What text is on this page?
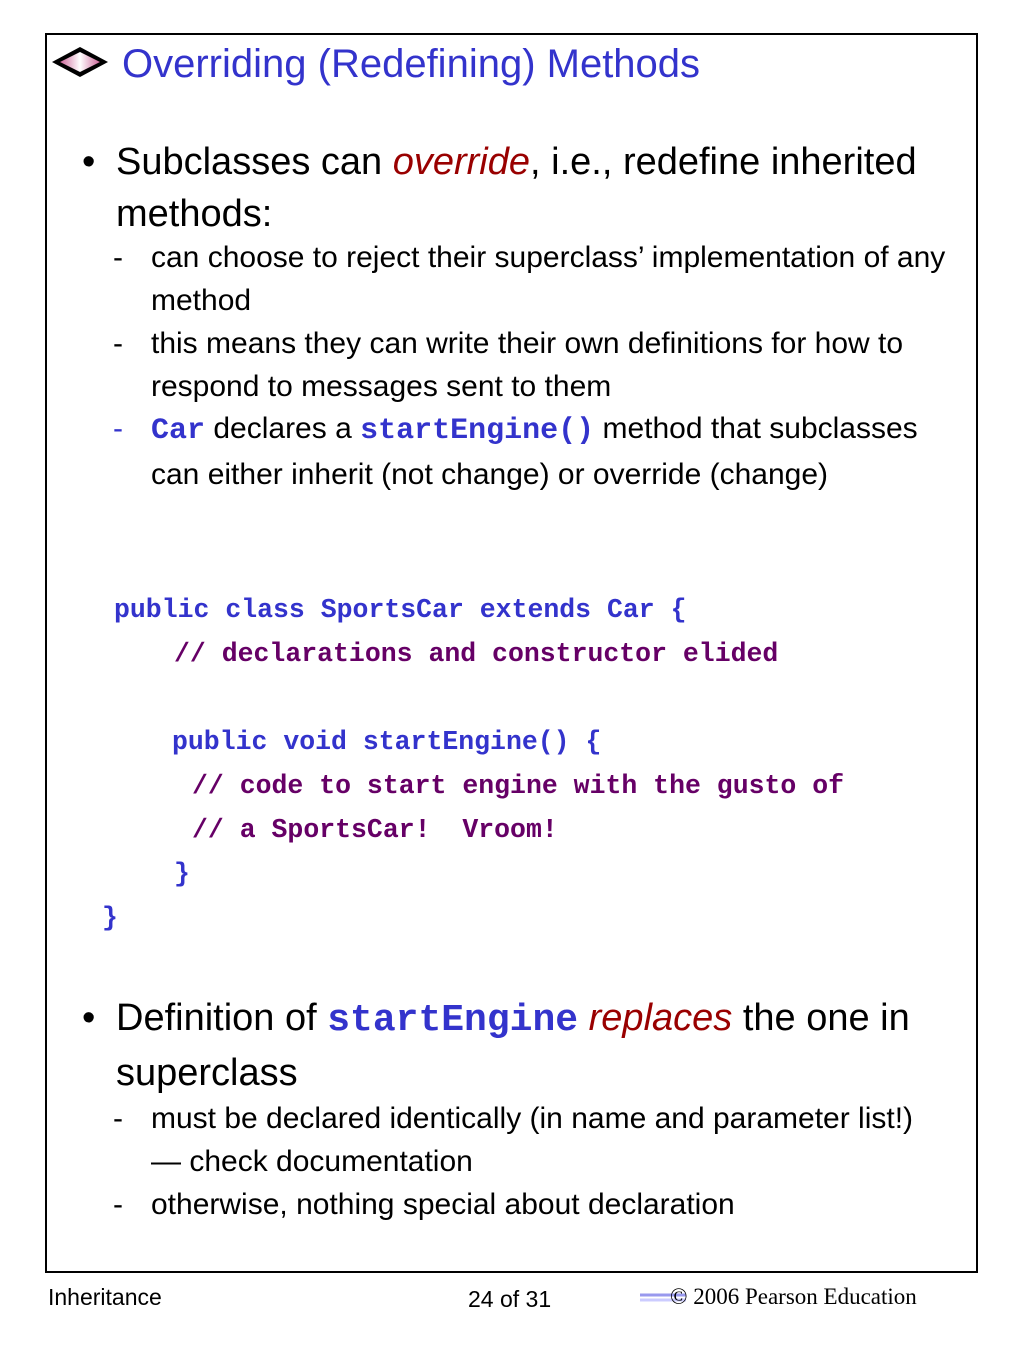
Overriding (Redefining) Methods
• Subclasses can override, i.e., redefine inherited methods:
- can choose to reject their superclass’ implementation of any method
- this means they can write their own definitions for how to respond to messages sent to them
- Car declares a startEngine() method that subclasses can either inherit (not change) or override (change)
public class SportsCar extends Car {
// declarations and constructor elided
public void startEngine() {
// code to start engine with the gusto of
// a SportsCar!  Vroom!
}
}
• Definition of startEngine replaces the one in superclass
- must be declared identically (in name and parameter list!) — check documentation
- otherwise, nothing special about declaration
Inheritance	24 of 31	© 2006 Pearson Education
